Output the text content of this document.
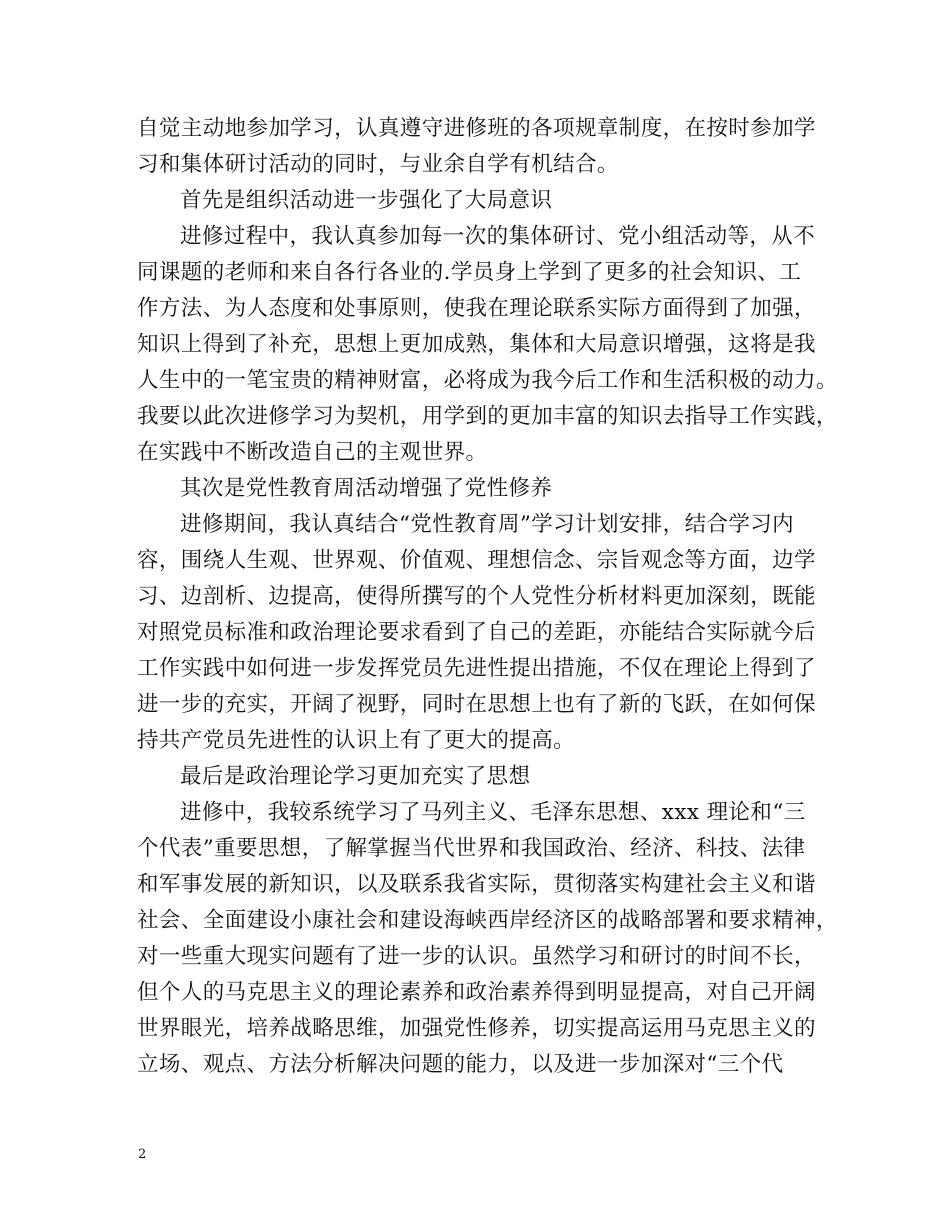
自觉主动地参加学习，认真遵守进修班的各项规章制度，在按时参加学
习和集体研讨活动的同时，与业余自学有机结合。
首先是组织活动进一步强化了大局意识
进修过程中，我认真参加每一次的集体研讨、党小组活动等，从不
同课题的老师和来自各行各业的.学员身上学到了更多的社会知识、工
作方法、为人态度和处事原则，使我在理论联系实际方面得到了加强，
知识上得到了补充，思想上更加成熟，集体和大局意识增强，这将是我
人生中的一笔宝贵的精神财富，必将成为我今后工作和生活积极的动力。
我要以此次进修学习为契机，用学到的更加丰富的知识去指导工作实践，
在实践中不断改造自己的主观世界。
其次是党性教育周活动增强了党性修养
进修期间，我认真结合“党性教育周”学习计划安排，结合学习内
容，围绕人生观、世界观、价值观、理想信念、宗旨观念等方面，边学
习、边剖析、边提高，使得所撰写的个人党性分析材料更加深刻，既能
对照党员标准和政治理论要求看到了自己的差距，亦能结合实际就今后
工作实践中如何进一步发挥党员先进性提出措施，不仅在理论上得到了
进一步的充实，开阔了视野，同时在思想上也有了新的飞跃，在如何保
持共产党员先进性的认识上有了更大的提高。
最后是政治理论学习更加充实了思想
进修中，我较系统学习了马列主义、毛泽东思想、xxx 理论和“三
个代表”重要思想，了解掌握当代世界和我国政治、经济、科技、法律
和军事发展的新知识，以及联系我省实际，贯彻落实构建社会主义和谐
社会、全面建设小康社会和建设海峡西岸经济区的战略部署和要求精神，
对一些重大现实问题有了进一步的认识。虽然学习和研讨的时间不长，
但个人的马克思主义的理论素养和政治素养得到明显提高，对自己开阔
世界眼光，培养战略思维，加强党性修养，切实提高运用马克思主义的
立场、观点、方法分析解决问题的能力，以及进一步加深对“三个代
2
